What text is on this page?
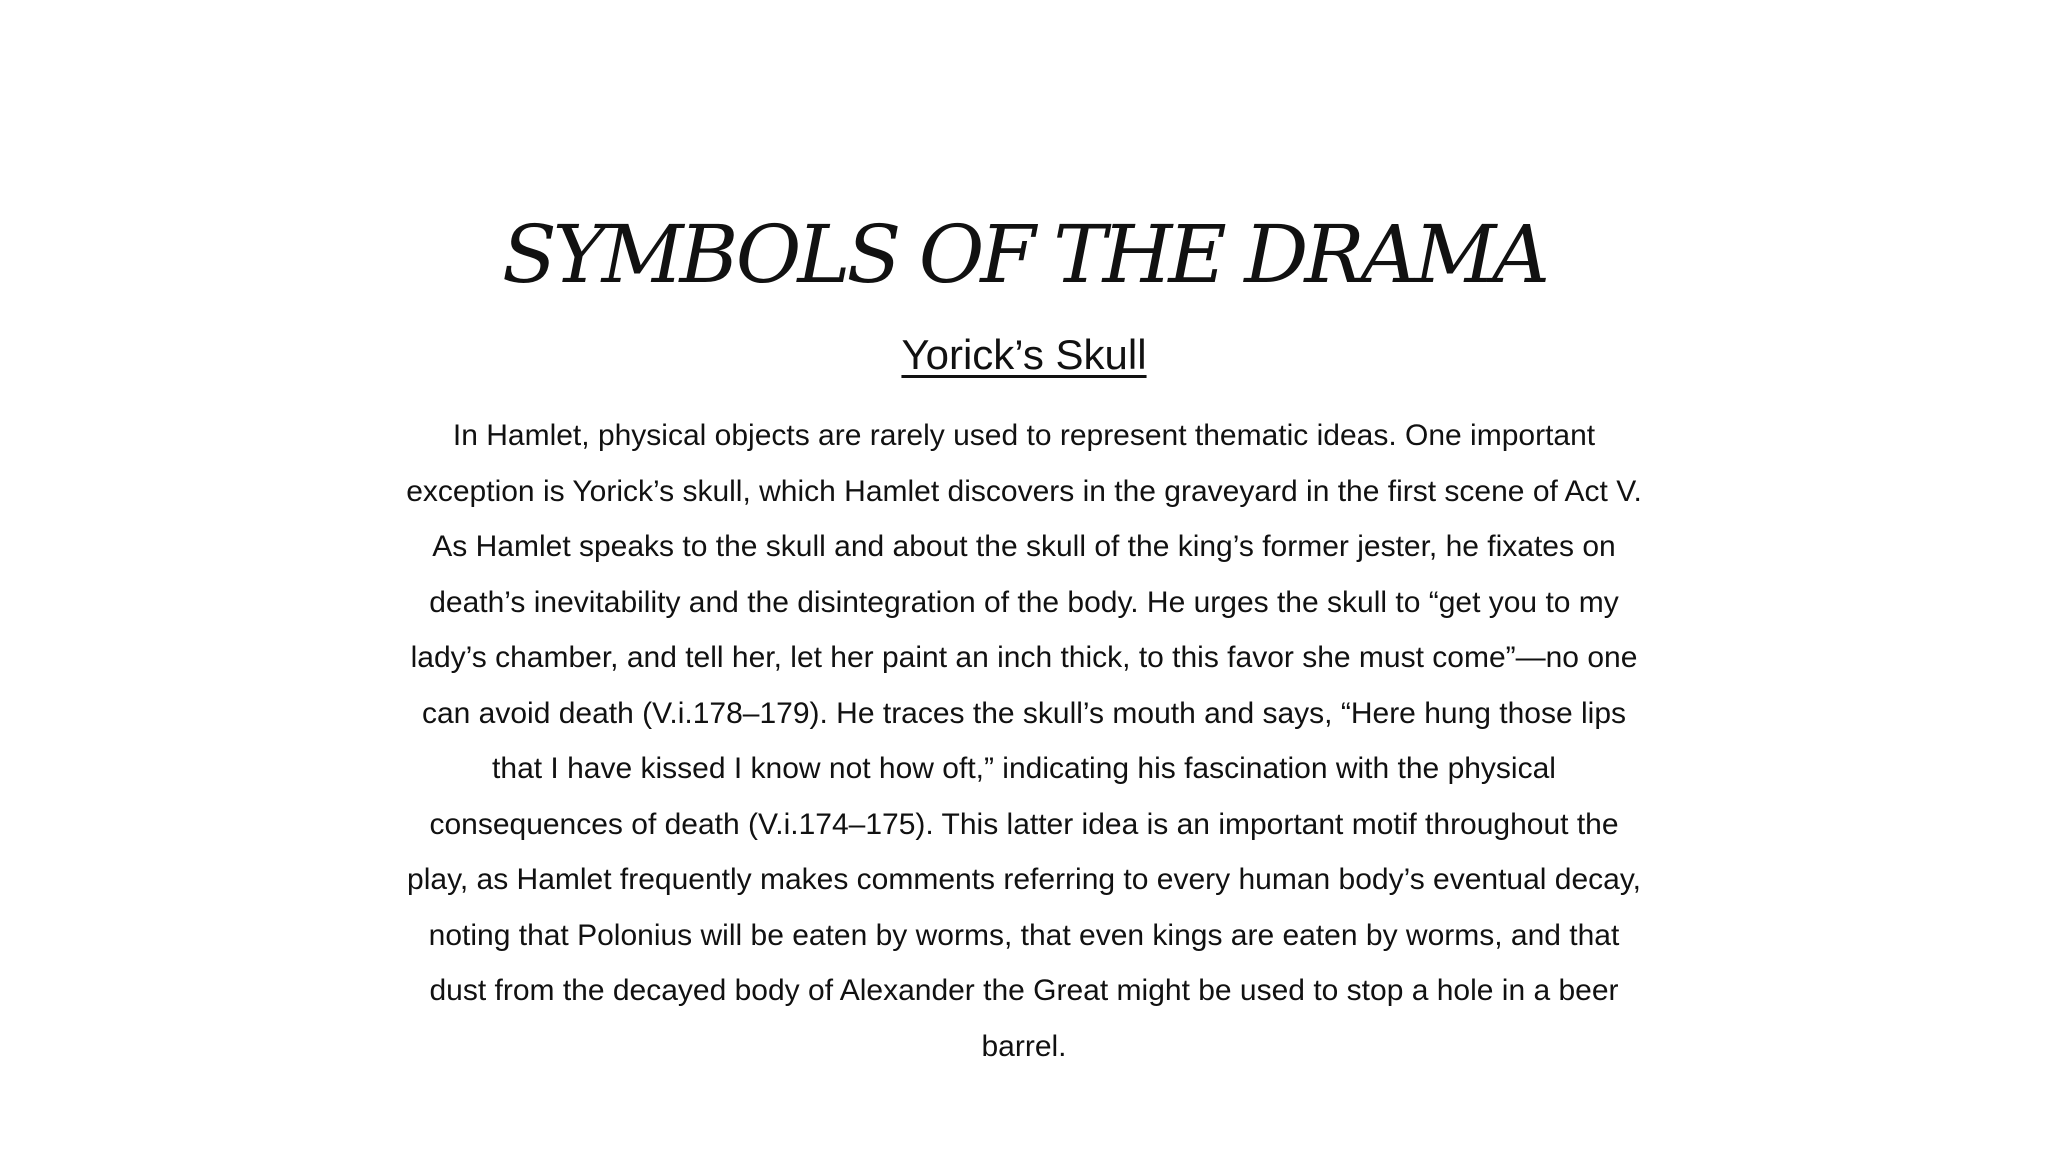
SYMBOLS OF THE DRAMA
Yorick’s Skull
In Hamlet, physical objects are rarely used to represent thematic ideas. One important
exception is Yorick’s skull, which Hamlet discovers in the graveyard in the first scene of Act V.
As Hamlet speaks to the skull and about the skull of the king’s former jester, he fixates on
death’s inevitability and the disintegration of the body. He urges the skull to “get you to my
lady’s chamber, and tell her, let her paint an inch thick, to this favor she must come”—no one
can avoid death (V.i.178–179). He traces the skull’s mouth and says, “Here hung those lips
that I have kissed I know not how oft,” indicating his fascination with the physical
consequences of death (V.i.174–175). This latter idea is an important motif throughout the
play, as Hamlet frequently makes comments referring to every human body’s eventual decay,
noting that Polonius will be eaten by worms, that even kings are eaten by worms, and that
dust from the decayed body of Alexander the Great might be used to stop a hole in a beer
barrel.
